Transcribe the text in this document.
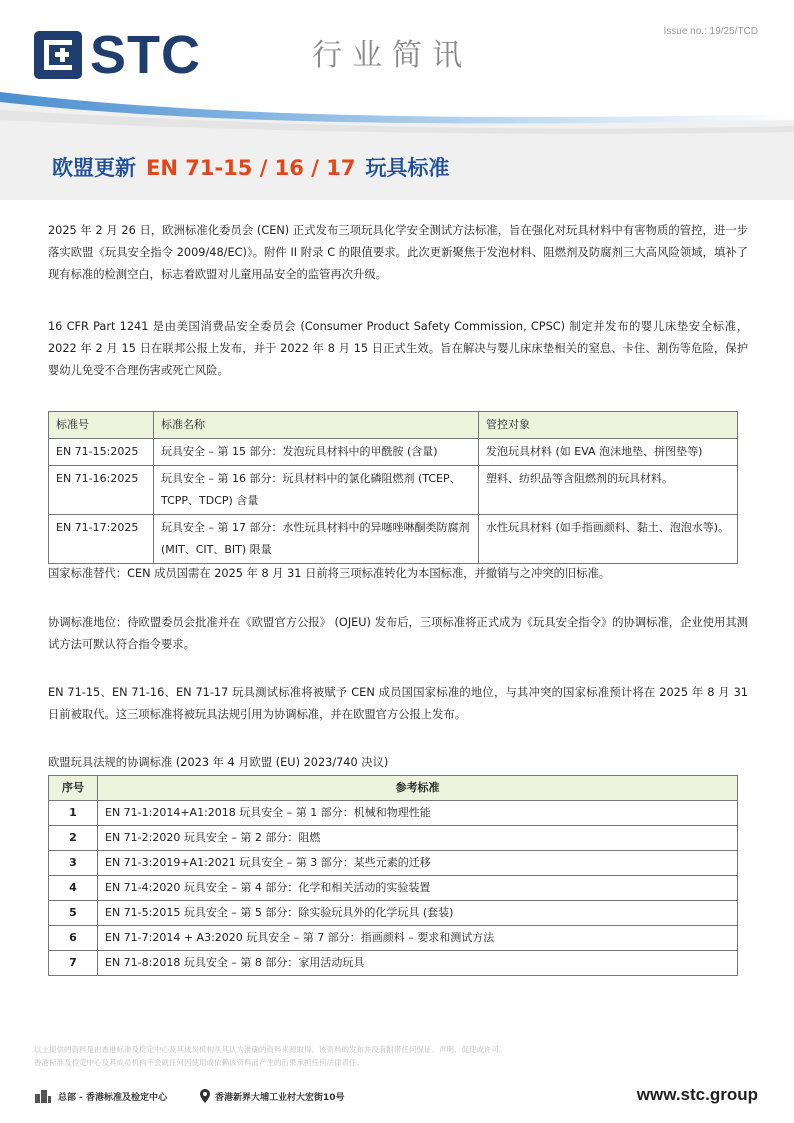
Issue no.: 19/25/TCD
STC	行业简讯
欧盟更新 EN 71-15 / 16 / 17 玩具标准

2025 年 2 月 26 日，欧洲标准化委员会 (CEN) 正式发布三项玩具化学安全测试方法标准，旨在强化对玩具材料中有害物质的管控，进一步落实欧盟《玩具安全指令 2009/48/EC)》。附件 II 附录 C 的限值要求。此次更新聚焦于发泡材料、阻燃剂及防腐剂三大高风险领域，填补了现有标准的检测空白，标志着欧盟对儿童用品安全的监管再次升级。

16 CFR Part 1241 是由美国消费品安全委员会 (Consumer Product Safety Commission, CPSC) 制定并发布的婴儿床垫安全标准，2022 年 2 月 15 日在联邦公报上发布，并于 2022 年 8 月 15 日正式生效。旨在解决与婴儿床床垫相关的窒息、卡住、割伤等危险，保护婴幼儿免受不合理伤害或死亡风险。

标准号	标准名称	管控对象
EN 71-15:2025	玩具安全 – 第 15 部分：发泡玩具材料中的甲酰胺 (含量)	发泡玩具材料 (如 EVA 泡沫地垫、拼图垫等)
EN 71-16:2025	玩具安全 – 第 16 部分：玩具材料中的氯化磷阻燃剂 (TCEP、TCPP、TDCP) 含量	塑料、纺织品等含阻燃剂的玩具材料。
EN 71-17:2025	玩具安全 – 第 17 部分：水性玩具材料中的异噻唑啉酮类防腐剂 (MIT、CIT、BIT) 限量	水性玩具材料 (如手指画颜料、黏土、泡泡水等)。

国家标准替代：CEN 成员国需在 2025 年 8 月 31 日前将三项标准转化为本国标准，并撤销与之冲突的旧标准。

协调标准地位：待欧盟委员会批准并在《欧盟官方公报》 (OJEU) 发布后，三项标准将正式成为《玩具安全指令》的协调标准，企业使用其测试方法可默认符合指令要求。

EN 71-15、EN 71-16、EN 71-17 玩具测试标准将被赋予 CEN 成员国国家标准的地位，与其冲突的国家标准预计将在 2025 年 8 月 31 日前被取代。这三项标准将被玩具法规引用为协调标准，并在欧盟官方公报上发布。

欧盟玩具法规的协调标准 (2023 年 4 月欧盟 (EU) 2023/740 决议)

序号	参考标准
1	EN 71-1:2014+A1:2018 玩具安全 – 第 1 部分：机械和物理性能
2	EN 71-2:2020 玩具安全 – 第 2 部分：阻燃
3	EN 71-3:2019+A1:2021 玩具安全 – 第 3 部分：某些元素的迁移
4	EN 71-4:2020 玩具安全 – 第 4 部分：化学和相关活动的实验装置
5	EN 71-5:2015 玩具安全 – 第 5 部分：除实验玩具外的化学玩具 (套装)
6	EN 71-7:2014 + A3:2020 玩具安全 – 第 7 部分：指画颜料 – 要求和测试方法
7	EN 71-8:2018 玩具安全 – 第 8 部分：家用活动玩具
以上提供的资料是由香港标准及检定中心及其成员机构从其认为准确的资料来源取得。该资料的发布并没有附带任何保证、声明、促使或许可。
香港标准及检定中心及其成员机构不会就任何因使用或依赖该资料而产生的后果承担任何法律责任。
总部 - 香港标准及检定中心	香港新界大埔工业村大宏街10号	www.stc.group
